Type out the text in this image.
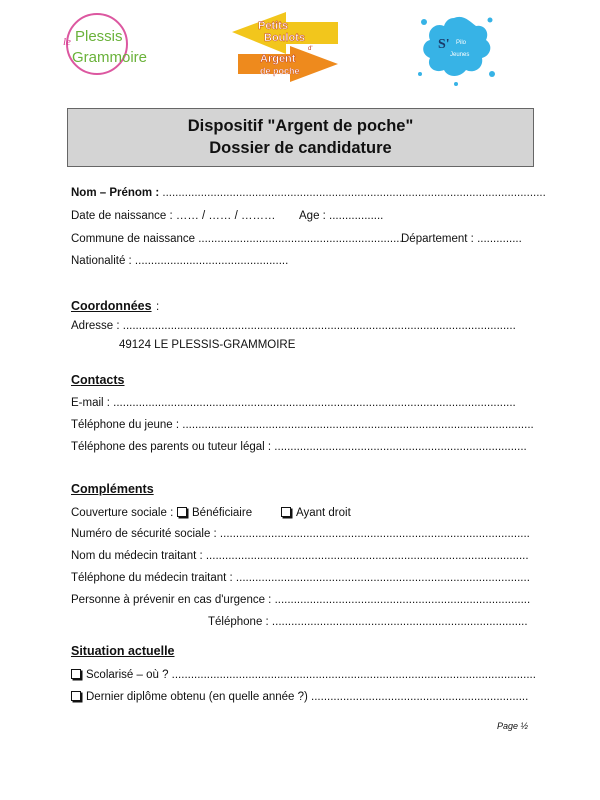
le Plessis
Grammoire
Petits
Boulots
d'
Argent
de poche
S' Pilo
Jeunes
Dispositif "Argent de poche"
Dossier de candidature
Nom – Prénom : ........................................................................................................................
Date de naissance : …… / …… / ……… Age : .................
Commune de naissance ................................................................
Département : ..............
Nationalité : ................................................
Coordonnées :
Adresse : ...........................................................................................................................
49124 LE PLESSIS-GRAMMOIRE
Contacts
E-mail : ..............................................................................................................................
Téléphone du jeune : ..............................................................................................................
Téléphone des parents ou tuteur légal : ...............................................................................
Compléments
Couverture sociale :	Bénéficiaire	Ayant droit
Numéro de sécurité sociale : .................................................................................................
Nom du médecin traitant : .....................................................................................................
Téléphone du médecin traitant : ............................................................................................
Personne à prévenir en cas d'urgence : ................................................................................
Téléphone : ................................................................................
Situation actuelle
Scolarisé – où ? ..................................................................................................................
Dernier diplôme obtenu (en quelle année ?) ....................................................................
Page ½
